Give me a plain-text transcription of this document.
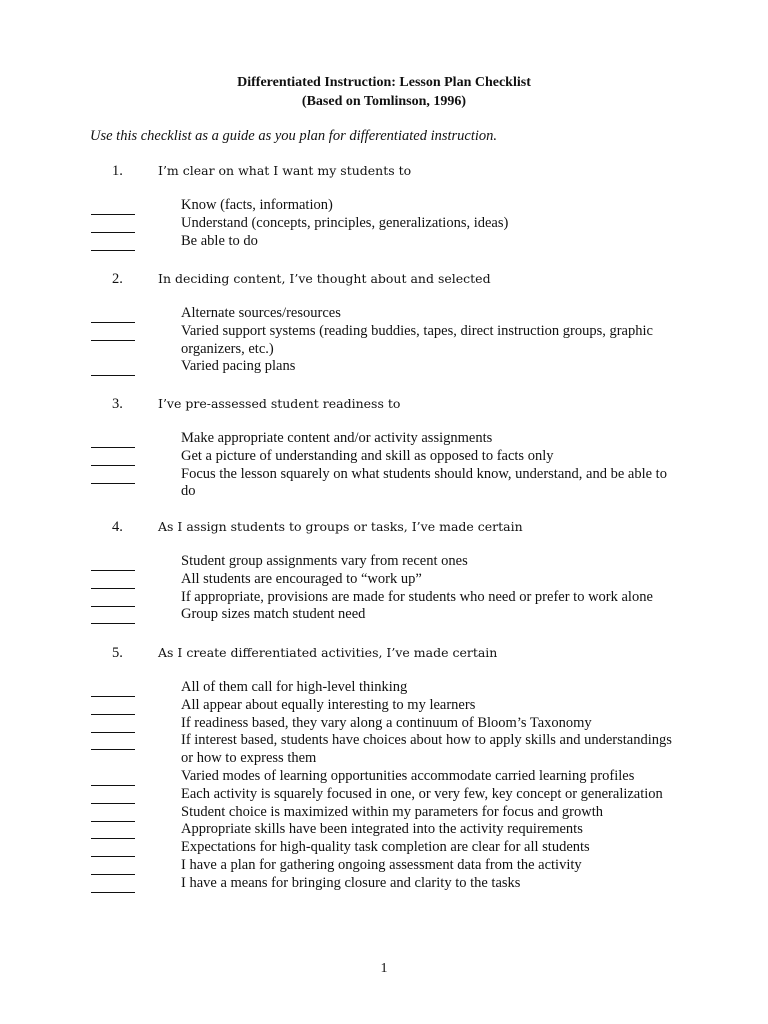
Differentiated Instruction: Lesson Plan Checklist
(Based on Tomlinson, 1996)

Use this checklist as a guide as you plan for differentiated instruction.

1.	I’m clear on what I want my students to
Know (facts, information)
Understand (concepts, principles, generalizations, ideas)
Be able to do
2.	In deciding content, I’ve thought about and selected
Alternate sources/resources
Varied support systems (reading buddies, tapes, direct instruction groups, graphic organizers, etc.)
Varied pacing plans
3.	I’ve pre-assessed student readiness to
Make appropriate content and/or activity assignments
Get a picture of understanding and skill as opposed to facts only
Focus the lesson squarely on what students should know, understand, and be able to do
4.	As I assign students to groups or tasks, I’ve made certain
Student group assignments vary from recent ones
All students are encouraged to “work up”
If appropriate, provisions are made for students who need or prefer to work alone
Group sizes match student need
5.	As I create differentiated activities, I’ve made certain
All of them call for high-level thinking
All appear about equally interesting to my learners
If readiness based, they vary along a continuum of Bloom’s Taxonomy
If interest based, students have choices about how to apply skills and understandings or how to express them
Varied modes of learning opportunities accommodate carried learning profiles
Each activity is squarely focused in one, or very few, key concept or generalization
Student choice is maximized within my parameters for focus and growth
Appropriate skills have been integrated into the activity requirements
Expectations for high-quality task completion are clear for all students
I have a plan for gathering ongoing assessment data from the activity
I have a means for bringing closure and clarity to the tasks
1
